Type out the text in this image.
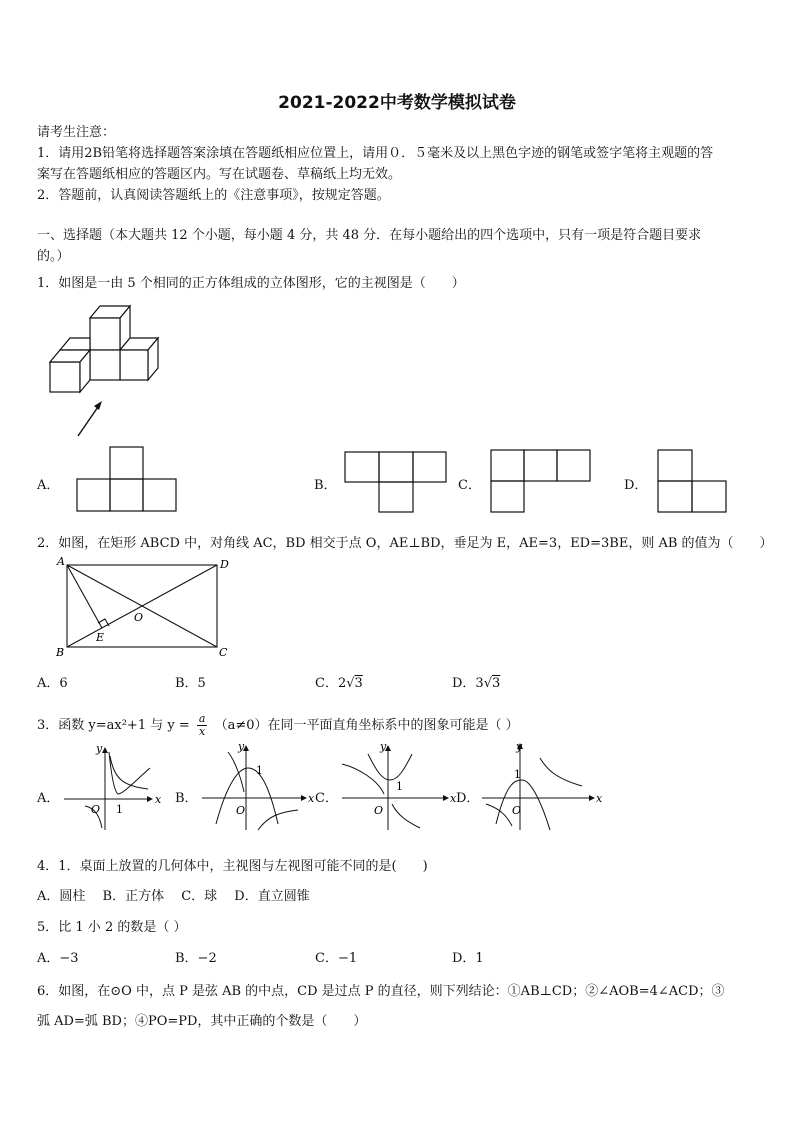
2021-2022中考数学模拟试卷
请考生注意：
1．请用2B铅笔将选择题答案涂填在答题纸相应位置上，请用０．５毫米及以上黑色字迹的钢笔或签字笔将主观题的答
案写在答题纸相应的答题区内。写在试题卷、草稿纸上均无效。
2．答题前，认真阅读答题纸上的《注意事项》，按规定答题。
一、选择题（本大题共 12 个小题，每小题 4 分，共 48 分．在每小题给出的四个选项中，只有一项是符合题目要求
的。）
1．如图是一由 5 个相同的正方体组成的立体图形，它的主视图是（　　）
A．	B．	C．	D．
2．如图，在矩形 ABCD 中，对角线 AC，BD 相交于点 O，AE⊥BD，垂足为 E，AE=3，ED=3BE，则 AB 的值为（　　）
A	D
B	C
O
E
A．6	B．5	C．2√3	D．3√3
3．函数 y=ax²+1 与 $y = \frac{a}{x} (a\ne 0)$在同一平面直角坐标系中的图象可能是（ ）
A．
y
x
O 1
B．
y
x
O
1
C．
y
x
O
1
D．
y
x
O
1
4．1．桌面上放置的几何体中，主视图与左视图可能不同的是(　　)
A．圆柱　 B．正方体　 C．球　 D．直立圆锥
5．比 1 小 2 的数是（ ）
A．−3	B．−2	C．−1	D．1
6．如图，在⊙O 中，点 P 是弦 AB 的中点，CD 是过点 P 的直径，则下列结论：①AB⊥CD；②∠AOB=4∠ACD；③
弧 AD=弧 BD；④PO=PD，其中正确的个数是（　　）
